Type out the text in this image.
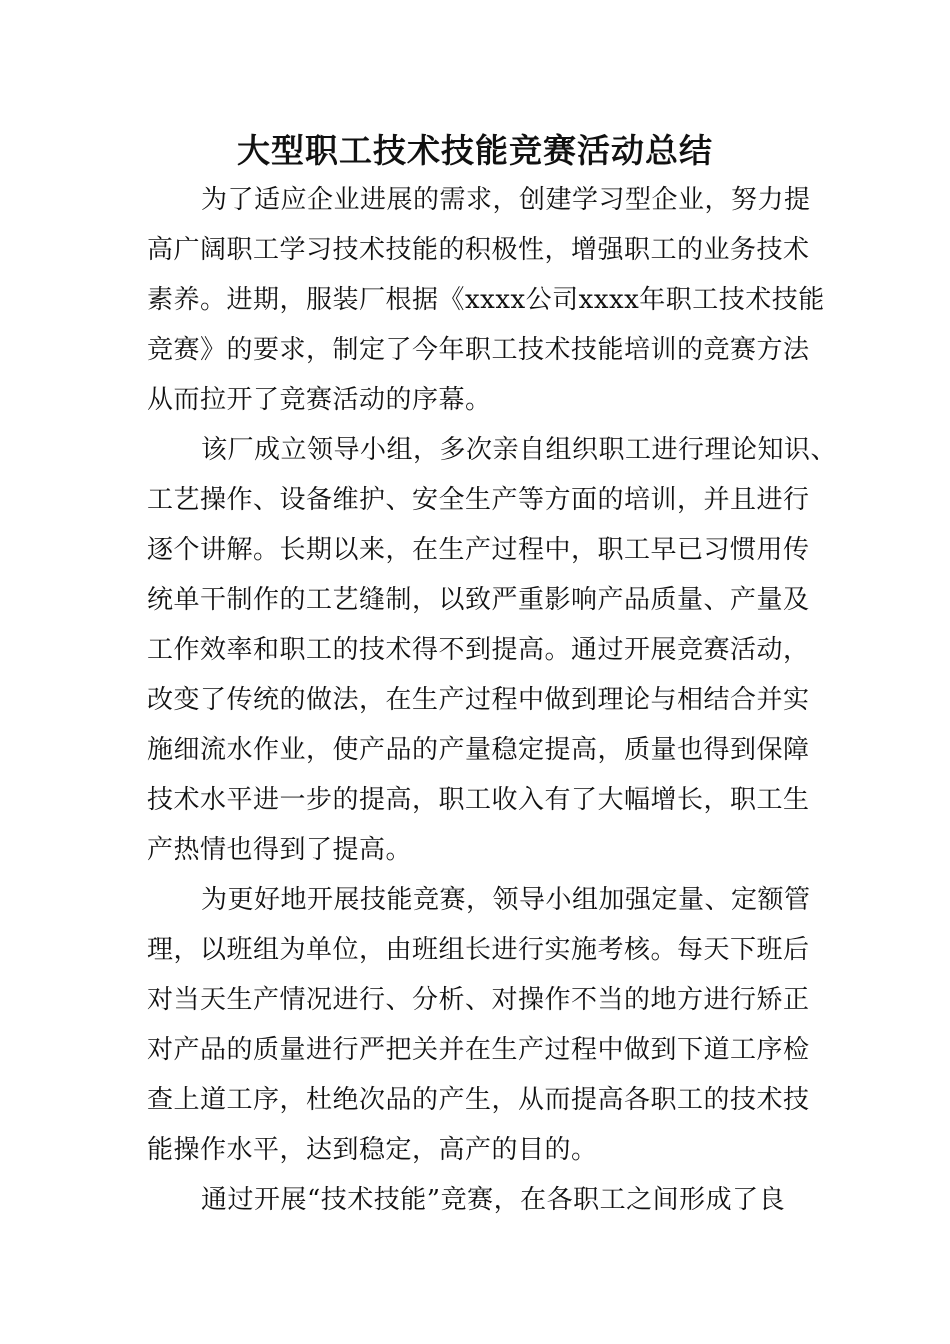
大型职工技术技能竞赛活动总结

为了适应企业进展的需求，创建学习型企业，努力提

高广阔职工学习技术技能的积极性，增强职工的业务技术

素养。进期，服装厂根据《xxxx公司xxxx年职工技术技能

竞赛》的要求，制定了今年职工技术技能培训的竞赛方法

从而拉开了竞赛活动的序幕。

该厂成立领导小组，多次亲自组织职工进行理论知识、

工艺操作、设备维护、安全生产等方面的培训，并且进行

逐个讲解。长期以来，在生产过程中，职工早已习惯用传

统单干制作的工艺缝制，以致严重影响产品质量、产量及

工作效率和职工的技术得不到提高。通过开展竞赛活动，

改变了传统的做法，在生产过程中做到理论与相结合并实

施细流水作业，使产品的产量稳定提高，质量也得到保障

技术水平进一步的提高，职工收入有了大幅增长，职工生

产热情也得到了提高。

为更好地开展技能竞赛，领导小组加强定量、定额管

理，以班组为单位，由班组长进行实施考核。每天下班后

对当天生产情况进行、分析、对操作不当的地方进行矫正

对产品的质量进行严把关并在生产过程中做到下道工序检

查上道工序，杜绝次品的产生，从而提高各职工的技术技

能操作水平，达到稳定，高产的目的。

通过开展“技术技能”竞赛，在各职工之间形成了良
